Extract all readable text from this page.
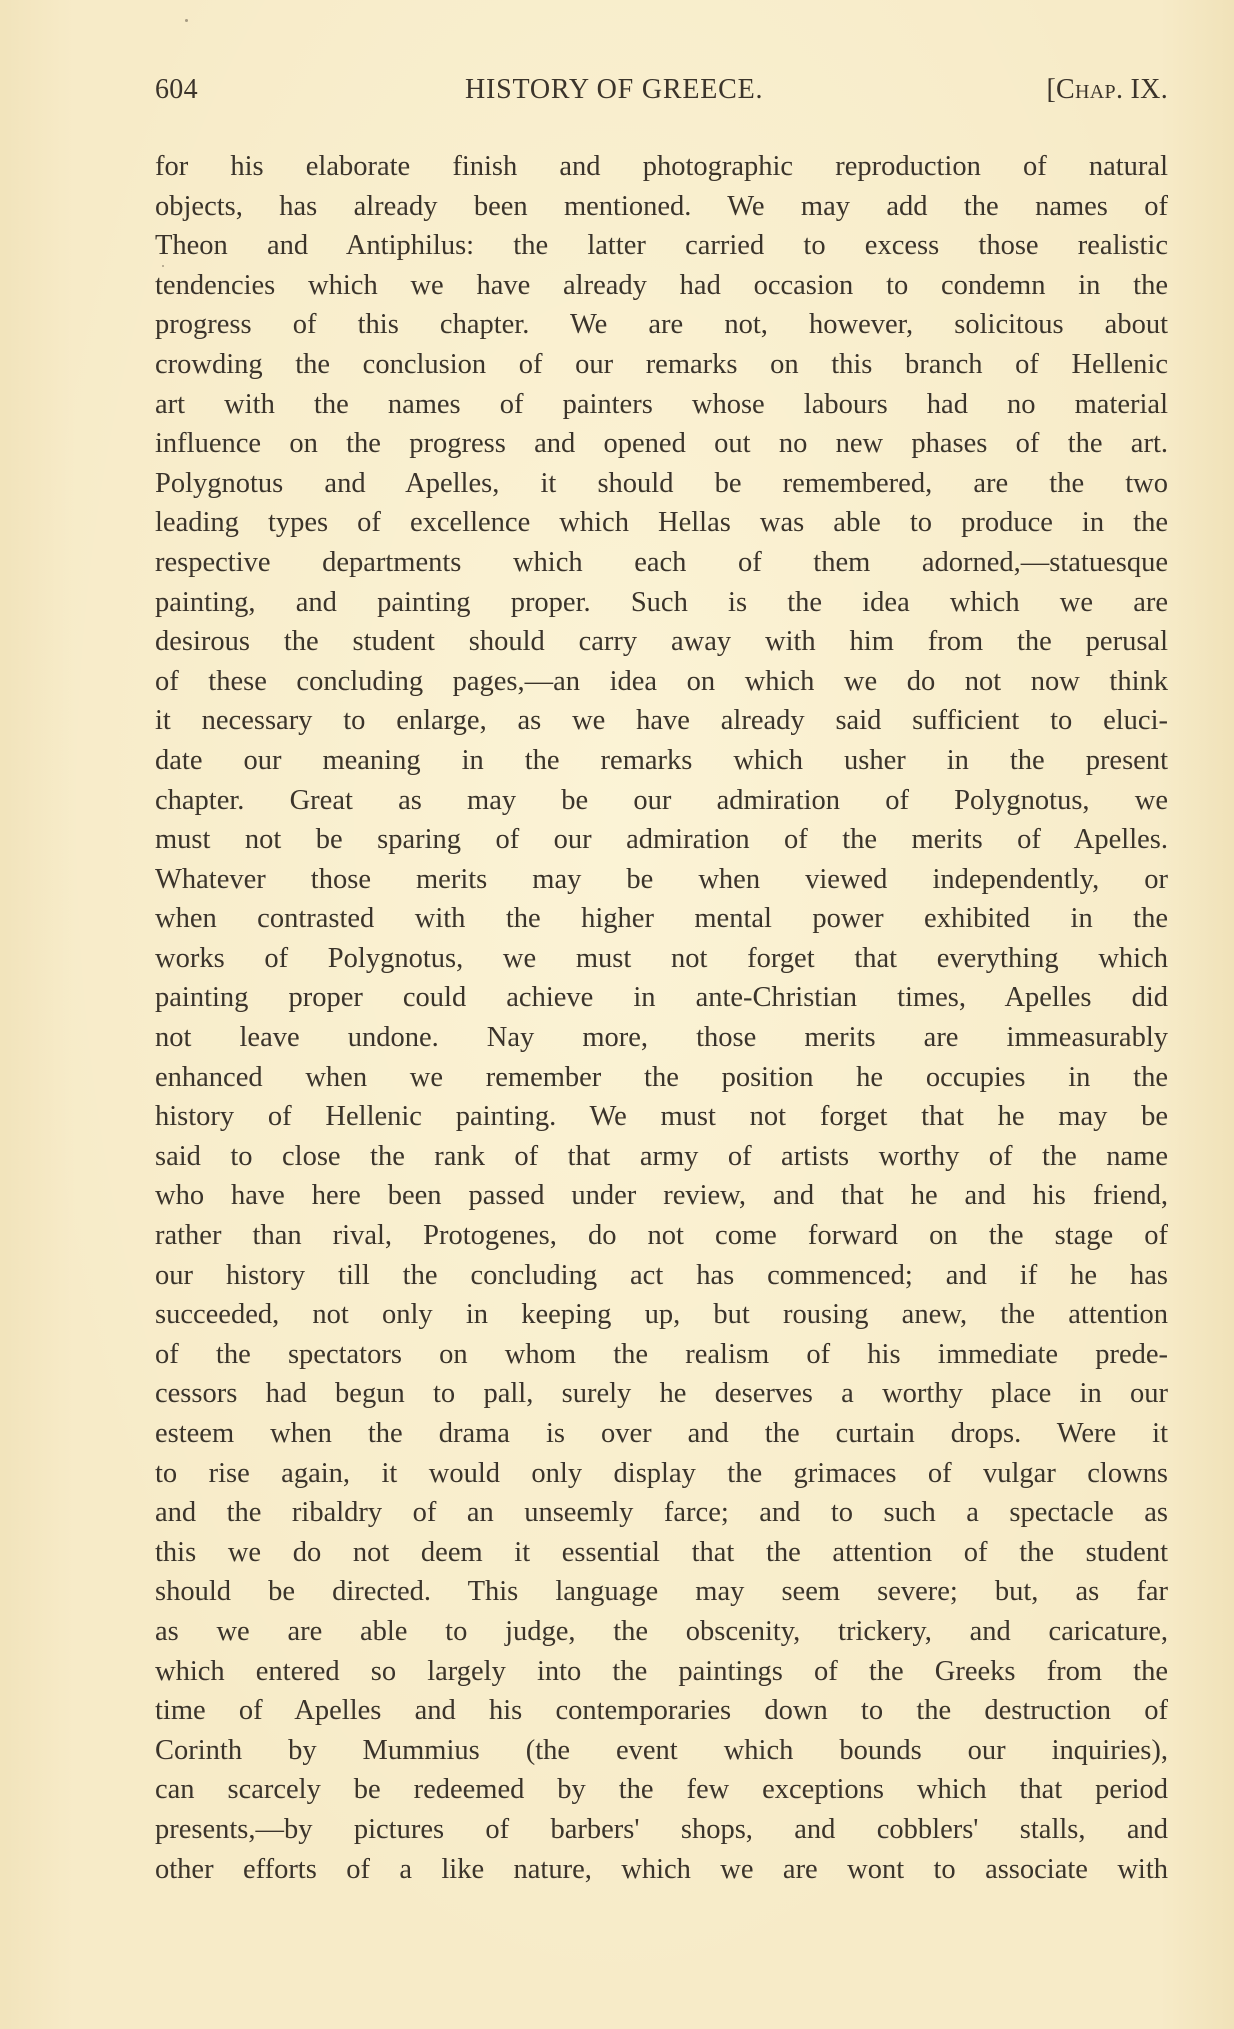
604	HISTORY OF GREECE.	[Chap. IX.
for his elaborate finish and photographic reproduction of natural
objects, has already been mentioned. We may add the names of
Theon and Antiphilus: the latter carried to excess those realistic
tendencies which we have already had occasion to condemn in the
progress of this chapter. We are not, however, solicitous about
crowding the conclusion of our remarks on this branch of Hellenic
art with the names of painters whose labours had no material
influence on the progress and opened out no new phases of the art.
Polygnotus and Apelles, it should be remembered, are the two
leading types of excellence which Hellas was able to produce in the
respective departments which each of them adorned,—statuesque
painting, and painting proper. Such is the idea which we are
desirous the student should carry away with him from the perusal
of these concluding pages,—an idea on which we do not now think
it necessary to enlarge, as we have already said sufficient to eluci-
date our meaning in the remarks which usher in the present
chapter. Great as may be our admiration of Polygnotus, we
must not be sparing of our admiration of the merits of Apelles.
Whatever those merits may be when viewed independently, or
when contrasted with the higher mental power exhibited in the
works of Polygnotus, we must not forget that everything which
painting proper could achieve in ante-Christian times, Apelles did
not leave undone. Nay more, those merits are immeasurably
enhanced when we remember the position he occupies in the
history of Hellenic painting. We must not forget that he may be
said to close the rank of that army of artists worthy of the name
who have here been passed under review, and that he and his friend,
rather than rival, Protogenes, do not come forward on the stage of
our history till the concluding act has commenced; and if he has
succeeded, not only in keeping up, but rousing anew, the attention
of the spectators on whom the realism of his immediate prede-
cessors had begun to pall, surely he deserves a worthy place in our
esteem when the drama is over and the curtain drops. Were it
to rise again, it would only display the grimaces of vulgar clowns
and the ribaldry of an unseemly farce; and to such a spectacle as
this we do not deem it essential that the attention of the student
should be directed. This language may seem severe; but, as far
as we are able to judge, the obscenity, trickery, and caricature,
which entered so largely into the paintings of the Greeks from the
time of Apelles and his contemporaries down to the destruction of
Corinth by Mummius (the event which bounds our inquiries),
can scarcely be redeemed by the few exceptions which that period
presents,—by pictures of barbers' shops, and cobblers' stalls, and
other efforts of a like nature, which we are wont to associate with
